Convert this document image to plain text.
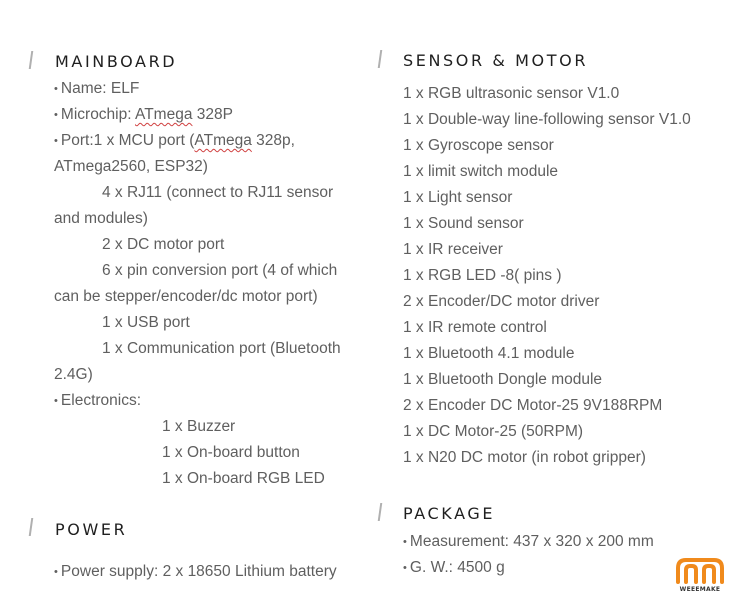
MAINBOARD
• Name: ELF
• Microchip: ATmega 328P
• Port:1 x MCU port (ATmega 328p,
ATmega2560, ESP32)
4 x RJ11 (connect to RJ11 sensor
and modules)
2 x DC motor port
6 x pin conversion port (4 of which
can be stepper/encoder/dc motor port)
1 x USB port
1 x Communication port (Bluetooth
2.4G)
• Electronics:
1 x Buzzer
1 x On-board button
1 x On-board RGB LED
POWER
• Power supply: 2 x 18650 Lithium battery
SENSOR & MOTOR
1 x RGB ultrasonic sensor V1.0
1 x Double-way line-following sensor V1.0
1 x Gyroscope sensor
1 x limit switch module
1 x Light sensor
1 x Sound sensor
1 x IR receiver
1 x RGB LED -8( pins )
2 x Encoder/DC motor driver
1 x IR remote control
1 x Bluetooth 4.1 module
1 x Bluetooth Dongle module
2 x Encoder DC Motor-25 9V188RPM
1 x DC Motor-25 (50RPM)
1 x N20 DC motor (in robot gripper)
PACKAGE
• Measurement: 437 x 320 x 200 mm
• G. W.: 4500 g
WEEEMAKE
